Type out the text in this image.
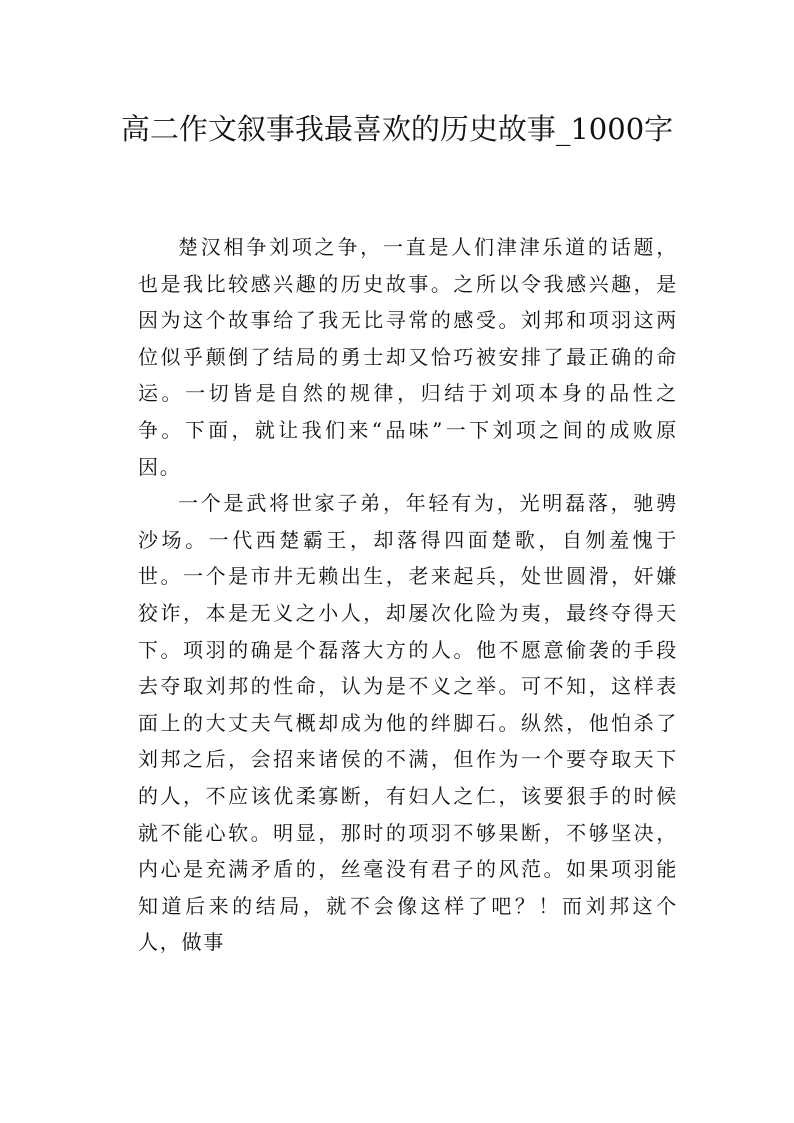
高二作文叙事我最喜欢的历史故事_1000字

楚汉相争刘项之争，一直是人们津津乐道的话题，也是我比较感兴趣的历史故事。之所以令我感兴趣，是因为这个故事给了我无比寻常的感受。刘邦和项羽这两位似乎颠倒了结局的勇士却又恰巧被安排了最正确的命运。一切皆是自然的规律，归结于刘项本身的品性之争。下面，就让我们来“品味”一下刘项之间的成败原因。

一个是武将世家子弟，年轻有为，光明磊落，驰骋沙场。一代西楚霸王，却落得四面楚歌，自刎羞愧于世。一个是市井无赖出生，老来起兵，处世圆滑，奸嫌狡诈，本是无义之小人，却屡次化险为夷，最终夺得天下。项羽的确是个磊落大方的人。他不愿意偷袭的手段去夺取刘邦的性命，认为是不义之举。可不知，这样表面上的大丈夫气概却成为他的绊脚石。纵然，他怕杀了刘邦之后，会招来诸侯的不满，但作为一个要夺取天下的人，不应该优柔寡断，有妇人之仁，该要狠手的时候就不能心软。明显，那时的项羽不够果断，不够坚决，内心是充满矛盾的，丝毫没有君子的风范。如果项羽能知道后来的结局，就不会像这样了吧？！而刘邦这个人，做事
